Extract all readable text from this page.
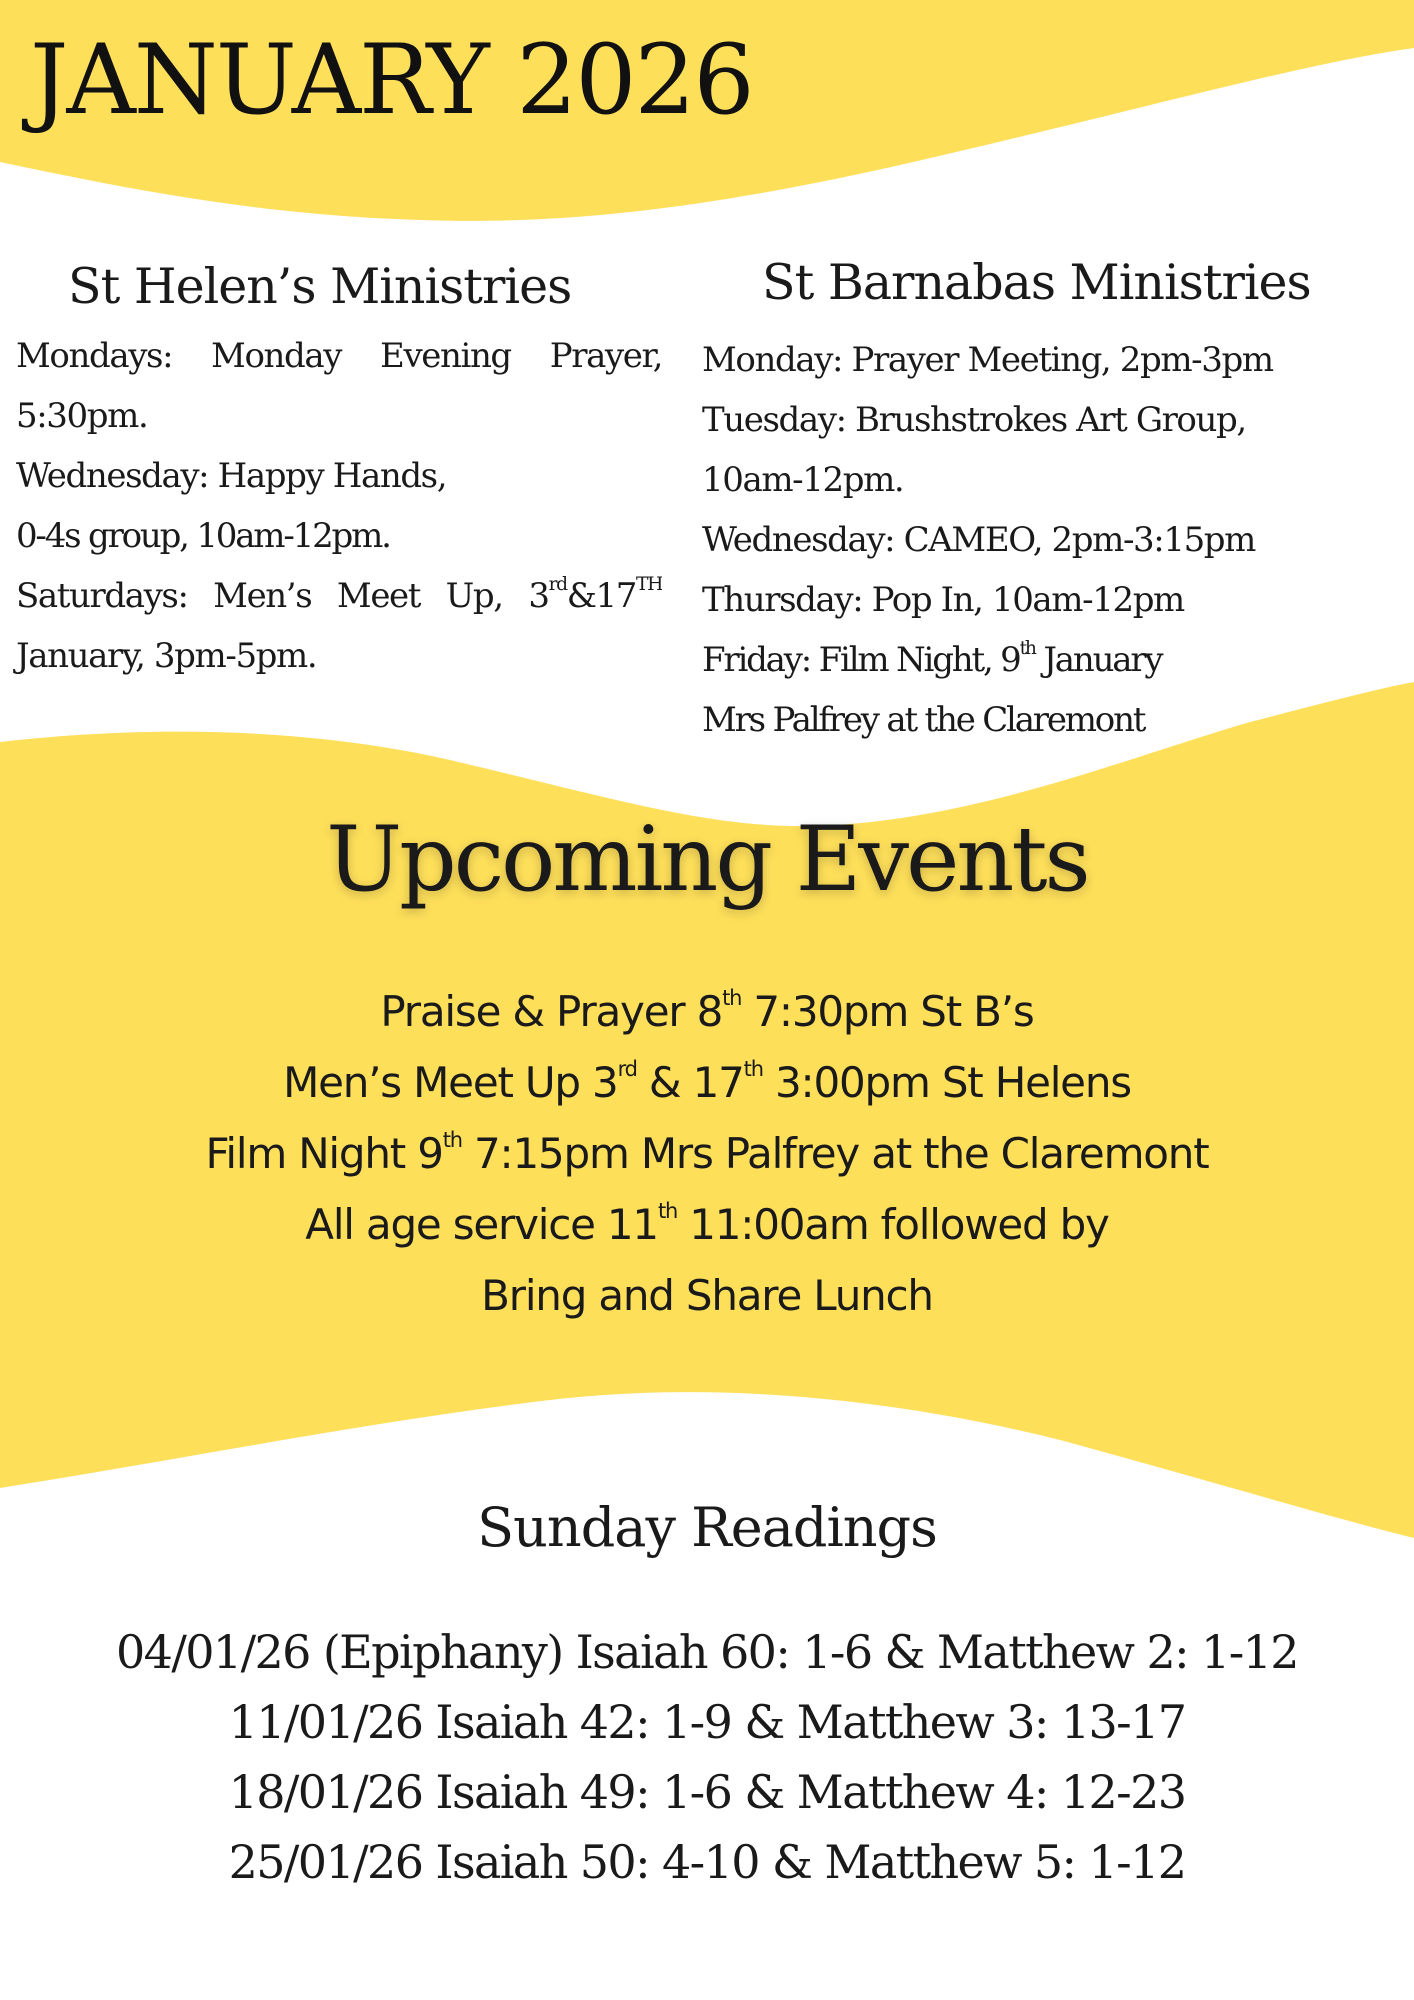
JANUARY 2026
St Helen’s Ministries
Mondays: Monday Evening Prayer,
5:30pm.
Wednesday: Happy Hands,
0-4s group, 10am-12pm.
Saturdays: Men’s Meet Up, 3rd&17TH
January, 3pm-5pm.
St Barnabas Ministries
Monday: Prayer Meeting, 2pm-3pm
Tuesday: Brushstrokes Art Group,
10am-12pm.
Wednesday: CAMEO, 2pm-3:15pm
Thursday: Pop In, 10am-12pm
Friday: Film Night, 9th January
Mrs Palfrey at the Claremont
Upcoming Events
Praise & Prayer 8th 7:30pm St B’s
Men’s Meet Up 3rd & 17th 3:00pm St Helens
Film Night 9th 7:15pm Mrs Palfrey at the Claremont
All age service 11th 11:00am followed by
Bring and Share Lunch
Sunday Readings
04/01/26 (Epiphany) Isaiah 60: 1-6 & Matthew 2: 1-12
11/01/26 Isaiah 42: 1-9 & Matthew 3: 13-17
18/01/26 Isaiah 49: 1-6 & Matthew 4: 12-23
25/01/26 Isaiah 50: 4-10 & Matthew 5: 1-12
